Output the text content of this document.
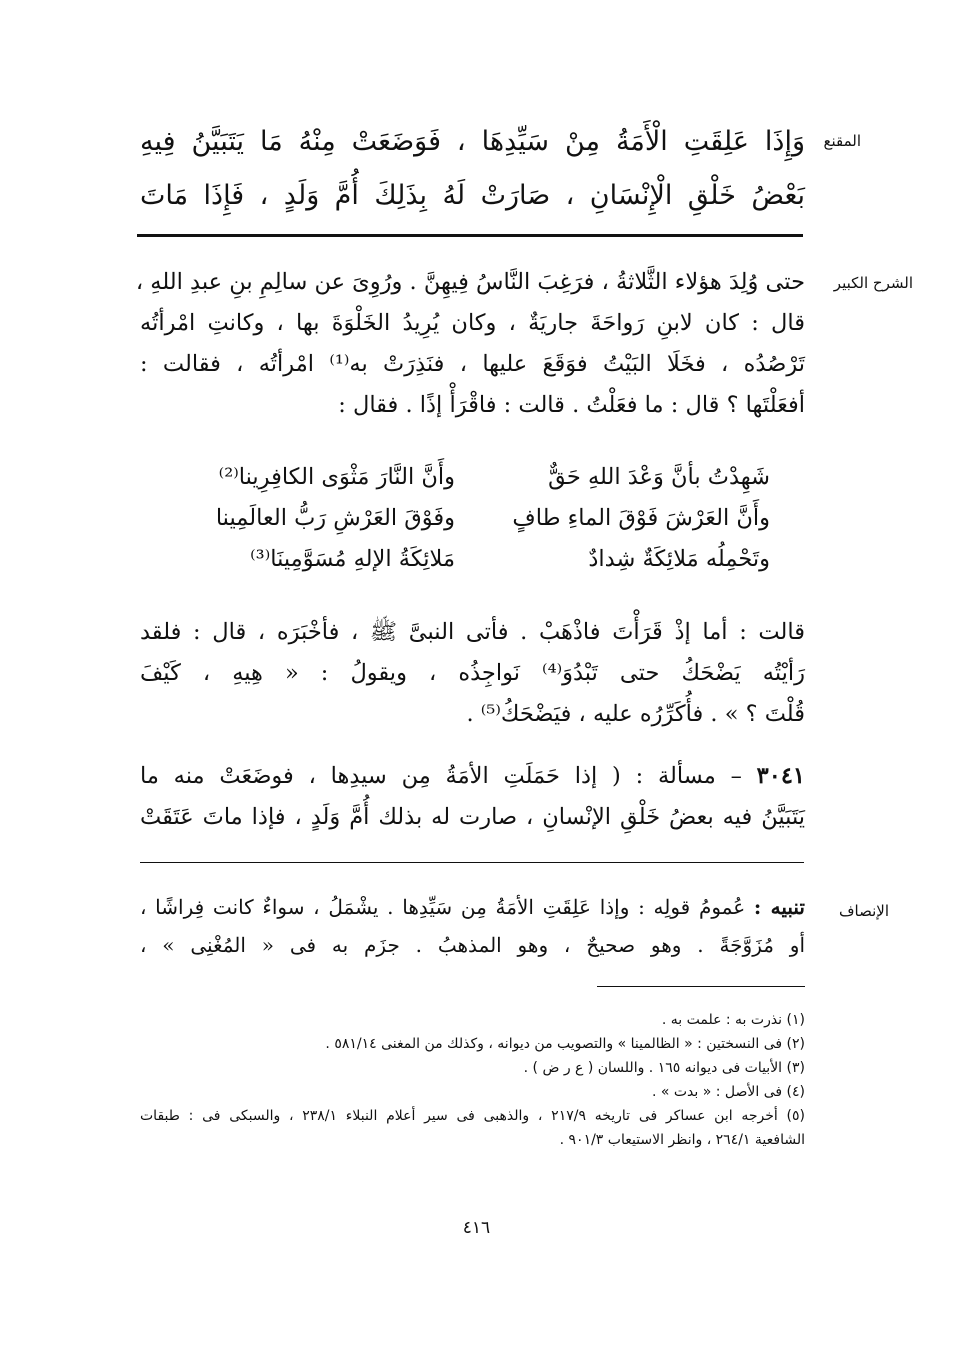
المقنع
الشرح الكبير
الإنصاف
وَإِذَا عَلِقَتِ الْأَمَةُ مِنْ سَيِّدِهَا ، فَوَضَعَتْ مِنْهُ مَا يَتَبَيَّنُ فِيهِ
بَعْضُ خَلْقِ الْإِنْسَانِ ، صَارَتْ لَهُ بِذَلِكَ أُمَّ وَلَدٍ ، فَإِذَا مَاتَ
حتى وُلِدَ هؤلاء الثَّلاثةُ ، فرَغِبَ النَّاسُ فِيهِنَّ . ورُوِىَ عن سالِمِ بنِ عبدِ اللهِ ،
قال : كان لابنِ رَواحَةَ جاريَةٌ ، وكان يُرِيدُ الخَلْوَةَ بها ، وكانتِ امْرأتُه
تَرْصُدُه ، فخَلَا البَيْتُ فوَقَعَ عليها ، فنَذِرَتْ به⁽¹⁾ امْرأتُه ، فقالت :
أفعَلْتَها ؟ قال : ما فعَلْتُ . قالت : فاقْرَأْ إذًا . فقال :
شَهِدْتُ بأنَّ وَعْدَ اللهِ حَقٌّ
وأَنَّ النَّارَ مَثْوَى الكافِرِينا⁽²⁾
وأَنَّ العَرْشَ فَوْقَ الماءِ طافٍ
وفَوْقَ العَرْشِ رَبُّ العالَمِينا
وتَحْمِلُه مَلائِكَةٌ شِدادٌ
مَلائِكَةُ الإلهِ مُسَوَّمِينَا⁽³⁾
قالت : أما إذْ قَرَأْتَ فاذْهَبْ . فأتى النبىَّ ﷺ ، فأخْبَرَه ، قال : فلقد
رَأيْتُه يَضْحَكُ حتى تَبْدُوَ⁽⁴⁾ نَواجِذُه ، ويقولُ : « هِيهِ ، كَيْفَ
قُلْتَ ؟ » . فأُكَرِّرُه عليه ، فيَضْحَكُ⁽⁵⁾ .
٣٠٤١ – مسألة : ( إذا حَمَلَتِ الأمَةُ مِن سيدِها ، فوضَعَتْ منه ما
يَتَبَيَّنُ فيه بعضُ خَلْقِ الإنْسانِ ، صارت له بذلك أُمَّ وَلَدٍ ، فإذا ماتَ عَتَقَتْ
تنبيه : عُمومُ قولِه : وإذا عَلِقَتِ الأمَةُ مِن سَيِّدِها . يشْمَلُ ، سواءٌ كانت فِراشًا ،
أو مُزَوَّجَةً . وهو صحيحٌ ، وهو المذهبُ . جزَم به فى « المُغْنِى » ،
(١) نذرت به : علمت به .
(٢) فى النسختين : « الظالمينا » والتصويب من ديوانه ، وكذلك من المغنى ٥٨١/١٤ .
(٣) الأبيات فى ديوانه ١٦٥ . واللسان ( ع ر ض ) .
(٤) فى الأصل : « بدت » .
(٥) أخرجه ابن عساكر فى تاريخه ٢١٧/٩ ، والذهبى فى سير أعلام النبلاء ٢٣٨/١ ، والسبكى فى : طبقات
الشافعية ٢٦٤/١ ، وانظر الاستيعاب ٩٠١/٣ .
٤١٦
